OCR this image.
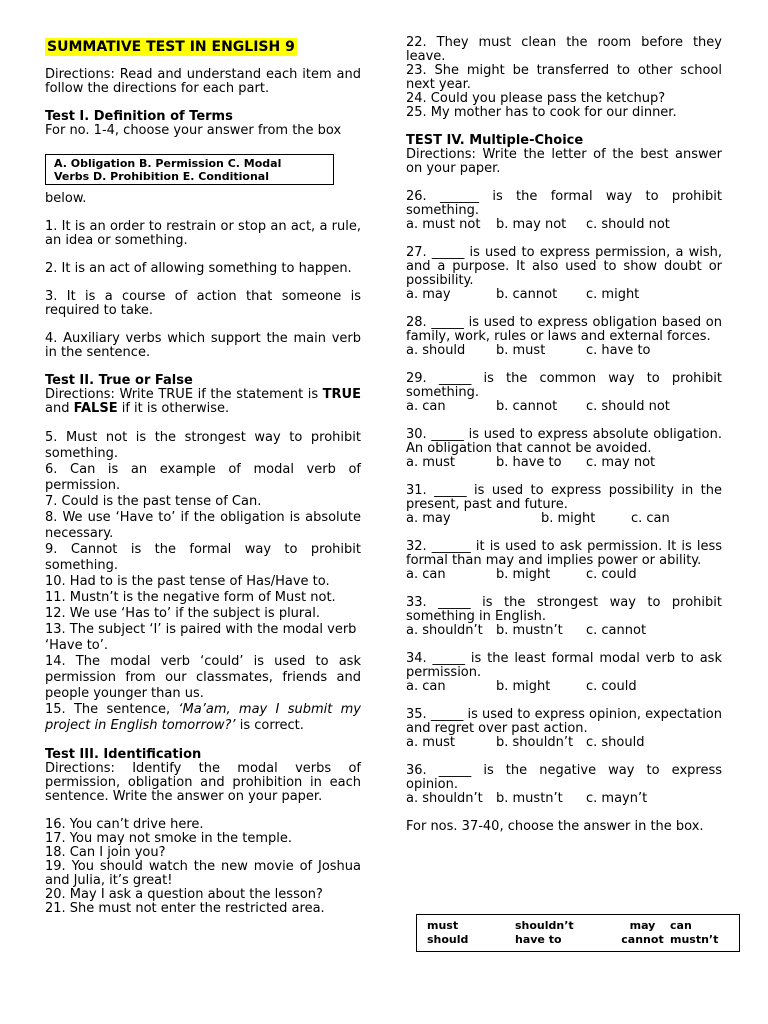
SUMMATIVE TEST IN ENGLISH 9

Directions: Read and understand each item and follow the directions for each part.

Test I. Definition of Terms

For no. 1-4, choose your answer from the box

below.

1. It is an order to restrain or stop an act, a rule, an idea or something.

2. It is an act of allowing something to happen.

3. It is a course of action that someone is required to take.

4. Auxiliary verbs which support the main verb in the sentence.

Test II. True or False

Directions: Write TRUE if the statement is TRUE and FALSE if it is otherwise.

5. Must not is the strongest way to prohibit something.

6. Can is an example of modal verb of permission.

7. Could is the past tense of Can.

8. We use ‘Have to’ if the obligation is absolute necessary.

9. Cannot is the formal way to prohibit something.

10. Had to is the past tense of Has/Have to.

11. Mustn’t is the negative form of Must not.

12. We use ‘Has to’ if the subject is plural.

13. The subject ‘I’ is paired with the modal verb

‘Have to’.

14. The modal verb ‘could’ is used to ask permission from our classmates, friends and people younger than us.

15. The sentence, ‘Ma’am, may I submit my project in English tomorrow?’ is correct.

Test III. Identification

Directions: Identify the modal verbs of permission, obligation and prohibition in each sentence. Write the answer on your paper.

16. You can’t drive here.

17. You may not smoke in the temple.

18. Can I join you?

19. You should watch the new movie of Joshua and Julia, it’s great!

20. May I ask a question about the lesson?

21. She must not enter the restricted area.

A. Obligation B. Permission C. Modal
Verbs D. Prohibition E. Conditional

22. They must clean the room before they leave.

23. She might be transferred to other school next year.

24. Could you please pass the ketchup?

25. My mother has to cook for our dinner.

TEST IV. Multiple-Choice

Directions: Write the letter of the best answer on your paper.

26. ______ is the formal way to prohibit something.

a. must not	b. may not	c. should not

27. _____ is used to express permission, a wish, and a purpose. It also used to show doubt or possibility.

a. may	b. cannot	c. might

28. _____ is used to express obligation based on family, work, rules or laws and external forces.

a. should	b. must	c. have to

29. _____ is the common way to prohibit something.

a. can	b. cannot	c. should not

30. _____ is used to express absolute obligation. An obligation that cannot be avoided.

a. must	b. have to	c. may not

31. _____ is used to express possibility in the present, past and future.

a. may	b. might	c. can

32. ______ it is used to ask permission. It is less formal than may and implies power or ability.

a. can	b. might	c. could

33. _____ is the strongest way to prohibit something in English.

a. shouldn’t	b. mustn’t	c. cannot

34. _____ is the least formal modal verb to ask permission.

a. can	b. might	c. could

35. _____ is used to express opinion, expectation and regret over past action.

a. must	b. shouldn’t c. should

36. _____ is the negative way to express opinion.

a. shouldn’t	b. mustn’t	c. mayn’t

For nos. 37-40, choose the answer in the box.

must	shouldn’t	may	can
should	have to	cannot mustn’t
